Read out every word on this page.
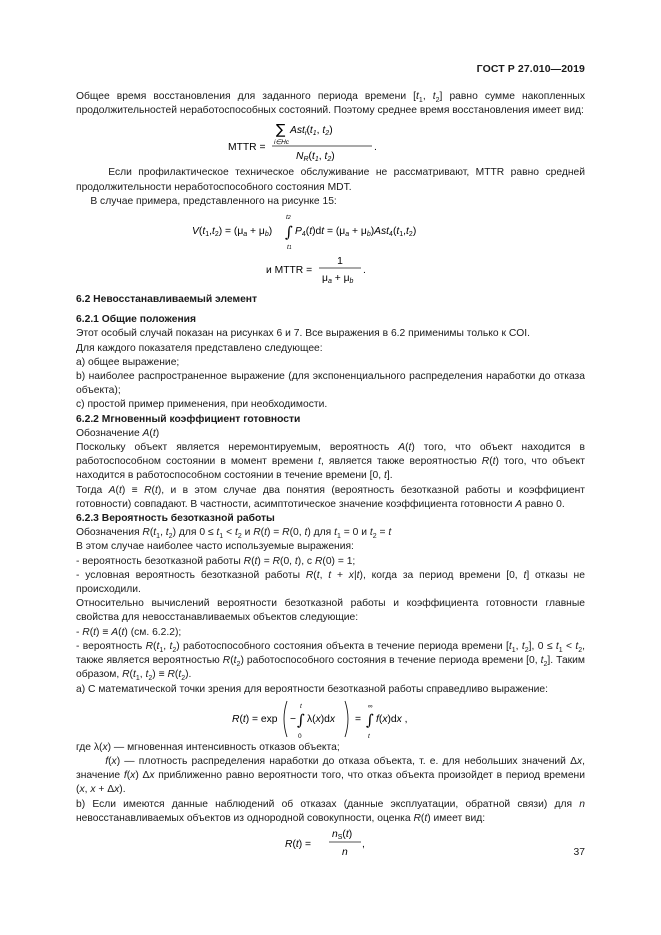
ГОСТ Р 27.010—2019

Общее время восстановления для заданного периода времени [$t_1$, $t_2$] равно сумме накопленных продолжительностей неработоспособных состояний. Поэтому среднее время восстановления имеет вид:

MTTR =
∑ Asti(t1, t2)
i∈Hc
NR(t1, t2)
.

Если профилактическое техническое обслуживание не рассматривают, MTTR равно средней продолжительности неработоспособного состояния MDT.

В случае примера, представленного на рисунке 15:

V(t1,t2) = (μa + μb) ∫
t2
t1
P4(t)dt = (μa + μb)Ast4(t1,t2)
и MTTR =
1
μa + μb
.

6.2 Невосстанавливаемый элемент

6.2.1 Общие положения

Этот особый случай показан на рисунках 6 и 7. Все выражения в 6.2 применимы только к COI.

Для каждого показателя представлено следующее:

a) общее выражение;

b) наиболее распространенное выражение (для экспоненциального распределения наработки до отказа объекта);

c) простой пример применения, при необходимости.

6.2.2 Мгновенный коэффициент готовности

Обозначение A(t)

Поскольку объект является неремонтируемым, вероятность A(t) того, что объект находится в работоспособном состоянии в момент времени t, является также вероятностью R(t) того, что объект находится в работоспособном состоянии в течение времени [0, t].

Тогда A(t) ≡ R(t), и в этом случае два понятия (вероятность безотказной работы и коэффициент готовности) совпадают. В частности, асимптотическое значение коэффициента готовности A равно 0.

6.2.3 Вероятность безотказной работы

Обозначения $R(t_1$, $t_2$) для $0 \le t_1 < t_2$ и R(t) = R(0, t) для $t_1 = 0$ и $t_2 = t$

В этом случае наиболее часто используемые выражения:

- вероятность безотказной работы R(t) = R(0, t), с R(0) = 1;

- условная вероятность безотказной работы R(t, t + x|t), когда за период времени [0, t] отказы не происходили.

Относительно вычислений вероятности безотказной работы и коэффициента готовности главные свойства для невосстанавливаемых объектов следующие:

- R(t) ≡ A(t) (см. 6.2.2);

- вероятность $R(t_1$, $t_2$) работоспособного состояния объекта в течение периода времени [$t_1$, $t_2$], $0 \le t_1 < t_2$, также является вероятностью $R(t_2)$ работоспособного состояния в течение периода времени [0, $t_2$]. Таким образом, $R(t_1$, $t_2) \equiv R(t_2)$.

a) С математической точки зрения для вероятности безотказной работы справедливо выражение:

R(t) = exp − ∫
t
0
λ(x)dx = ∫
∞
t
f(x)dx ,

где λ(x) — мгновенная интенсивность отказов объекта;

f(x) — плотность распределения наработки до отказа объекта, т. е. для небольших значений Δx, значение f(x) Δx приближенно равно вероятности того, что отказ объекта произойдет в период времени (x, x + Δx).

b) Если имеются данные наблюдений об отказах (данные эксплуатации, обратной связи) для n невосстанавливаемых объектов из однородной совокупности, оценка R(t) имеет вид:

R(t) =
nS(t)
n
,
37
